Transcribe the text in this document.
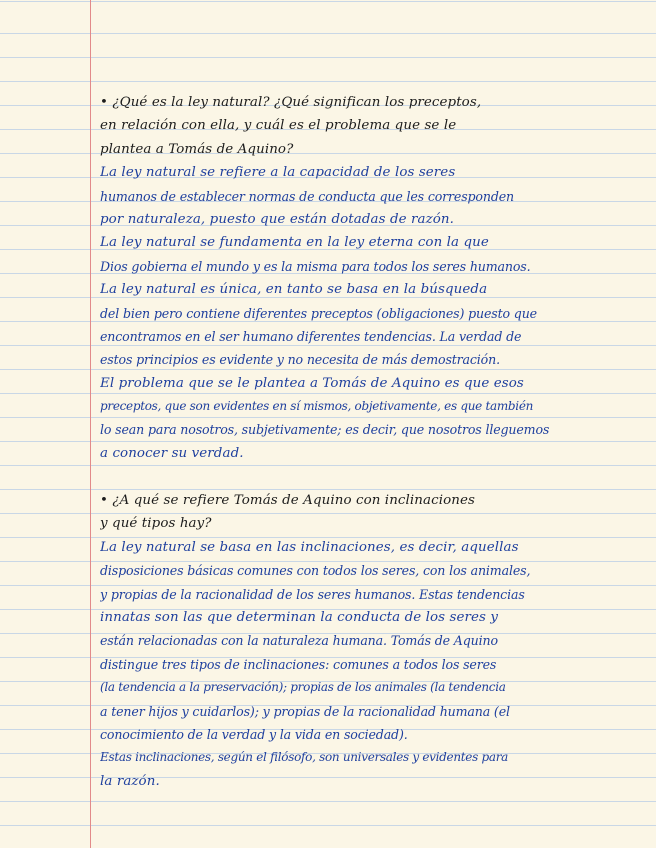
• ¿Qué es la ley natural? ¿Qué significan los preceptos,
en relación con ella, y cuál es el problema que se le
plantea a Tomás de Aquino?
La ley natural se refiere a la capacidad de los seres
humanos de establecer normas de conducta que les corresponden
por naturaleza, puesto que están dotadas de razón.
La ley natural se fundamenta en la ley eterna con la que
Dios gobierna el mundo y es la misma para todos los seres humanos.
La ley natural es única, en tanto se basa en la búsqueda
del bien pero contiene diferentes preceptos (obligaciones) puesto que
encontramos en el ser humano diferentes tendencias. La verdad de
estos principios es evidente y no necesita de más demostración.
El problema que se le plantea a Tomás de Aquino es que esos
preceptos, que son evidentes en sí mismos, objetivamente, es que también
lo sean para nosotros, subjetivamente; es decir, que nosotros lleguemos
a conocer su verdad.
• ¿A qué se refiere Tomás de Aquino con inclinaciones
y qué tipos hay?
La ley natural se basa en las inclinaciones, es decir, aquellas
disposiciones básicas comunes con todos los seres, con los animales,
y propias de la racionalidad de los seres humanos. Estas tendencias
innatas son las que determinan la conducta de los seres y
están relacionadas con la naturaleza humana. Tomás de Aquino
distingue tres tipos de inclinaciones: comunes a todos los seres
(la tendencia a la preservación); propias de los animales (la tendencia
a tener hijos y cuidarlos); y propias de la racionalidad humana (el
conocimiento de la verdad y la vida en sociedad).
Estas inclinaciones, según el filósofo, son universales y evidentes para
la razón.
